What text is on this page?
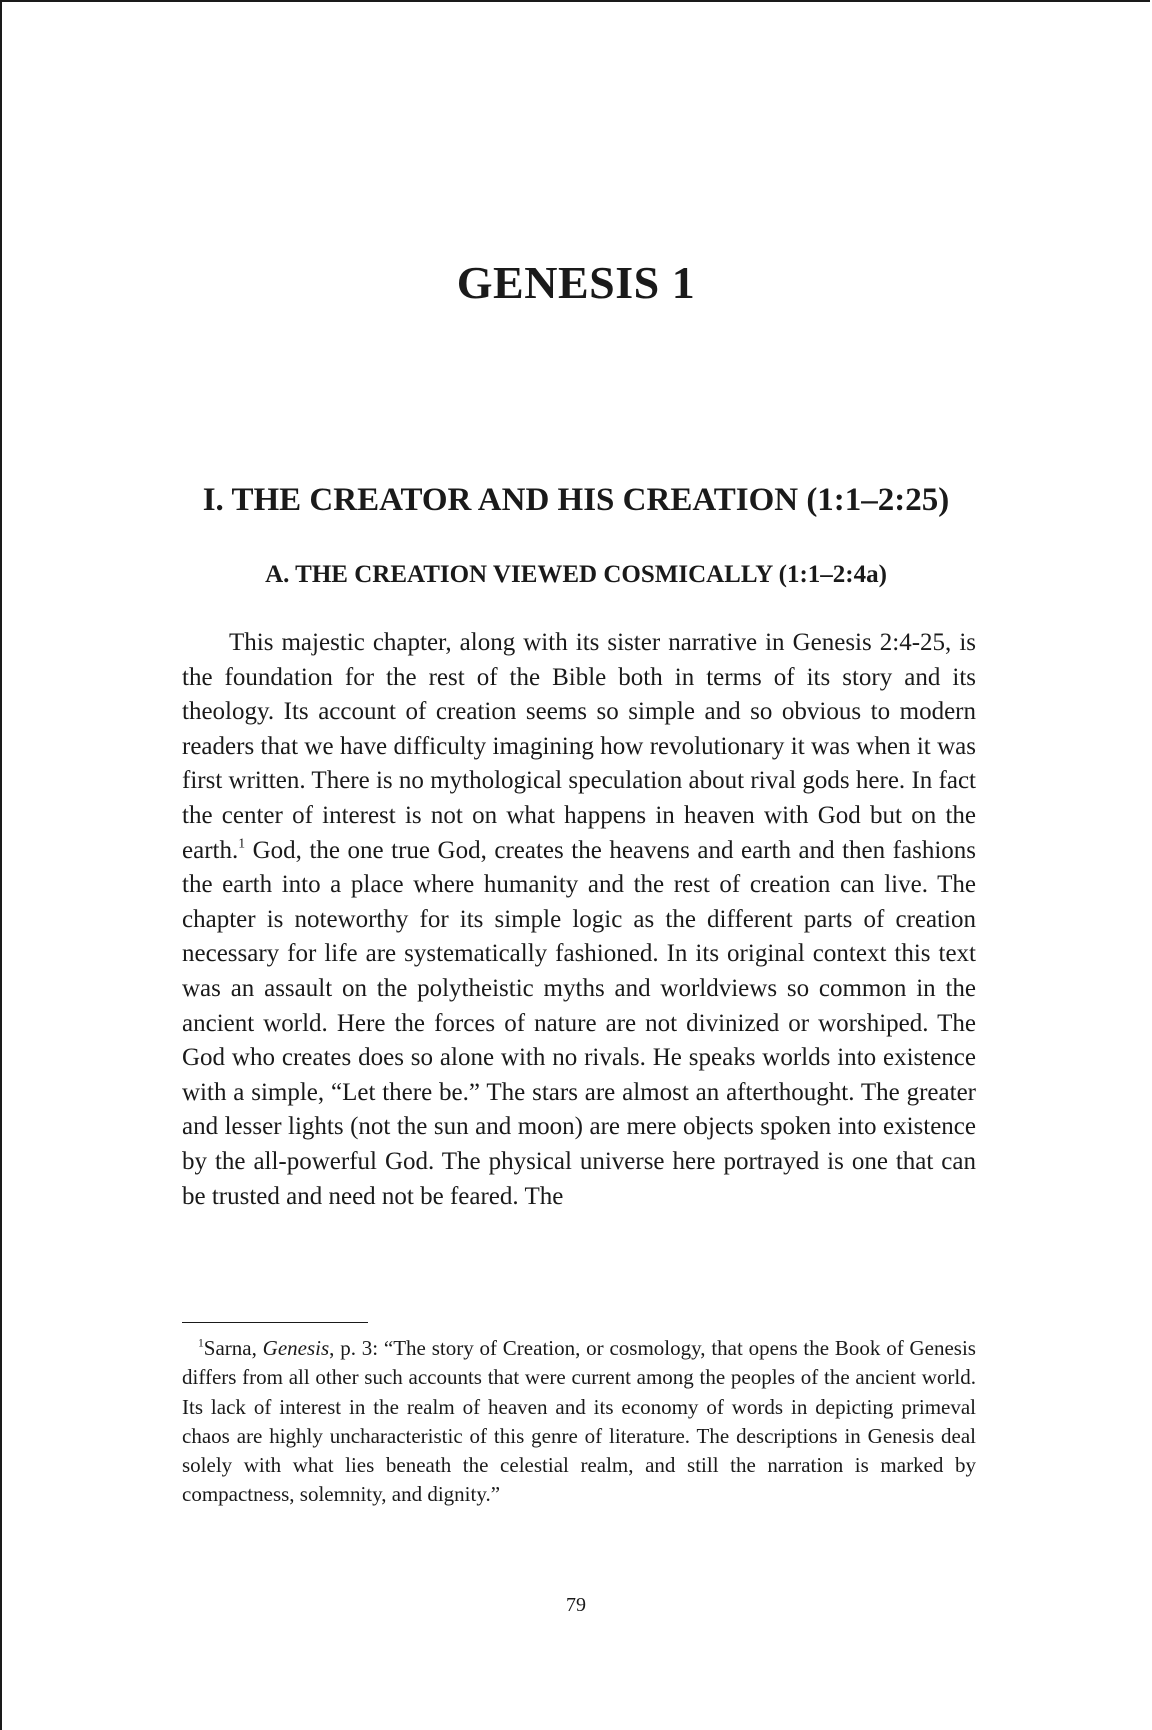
GENESIS 1
I. THE CREATOR AND HIS CREATION (1:1–2:25)
A. THE CREATION VIEWED COSMICALLY (1:1–2:4a)

This majestic chapter, along with its sister narrative in Genesis 2:4-25, is the foundation for the rest of the Bible both in terms of its story and its theology. Its account of creation seems so simple and so obvious to modern readers that we have difficulty imagining how revolutionary it was when it was first written. There is no mythological speculation about rival gods here. In fact the center of interest is not on what happens in heaven with God but on the earth.$^1$ God, the one true God, creates the heavens and earth and then fashions the earth into a place where humanity and the rest of creation can live. The chapter is noteworthy for its simple logic as the different parts of creation necessary for life are systematically fashioned. In its original context this text was an assault on the polytheistic myths and worldviews so common in the ancient world. Here the forces of nature are not divinized or worshiped. The God who creates does so alone with no rivals. He speaks worlds into existence with a simple, “Let there be.” The stars are almost an afterthought. The greater and lesser lights (not the sun and moon) are mere objects spoken into existence by the all-powerful God. The physical universe here portrayed is one that can be trusted and need not be feared. The

$^1$Sarna, Genesis, p. 3: “The story of Creation, or cosmology, that opens the Book of Genesis differs from all other such accounts that were current among the peoples of the ancient world. Its lack of interest in the realm of heaven and its economy of words in depicting primeval chaos are highly uncharacteristic of this genre of literature. The descriptions in Genesis deal solely with what lies beneath the celestial realm, and still the narration is marked by compactness, solemnity, and dignity.”

79
